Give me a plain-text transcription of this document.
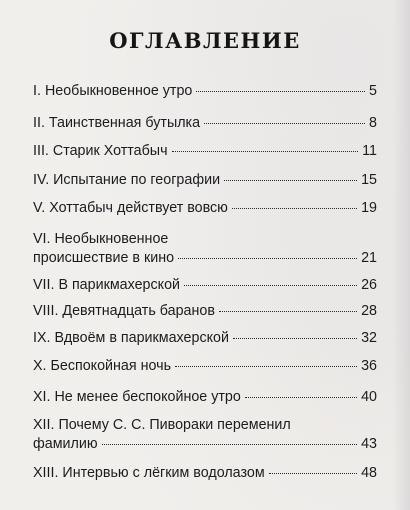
ОГЛАВЛЕНИЕ
I.
Необыкновенное утро	5
II.
Таинственная бутылка	8
III.
Старик Хоттабыч	11
IV.
Испытание по географии	15
V.
Хоттабыч действует вовсю	19
VI. Необыкновенное
происшествие в кино	21
VII.
В парикмахерской	26
VIII.
Девятнадцать баранов	28
IX.
Вдвоём в парикмахерской	32
X.
Беспокойная ночь	36
XI.
Не менее беспокойное утро	40
XII. Почему С. С. Пивораки переменил
фамилию	43
XIII.
Интервью с лёгким водолазом	48
